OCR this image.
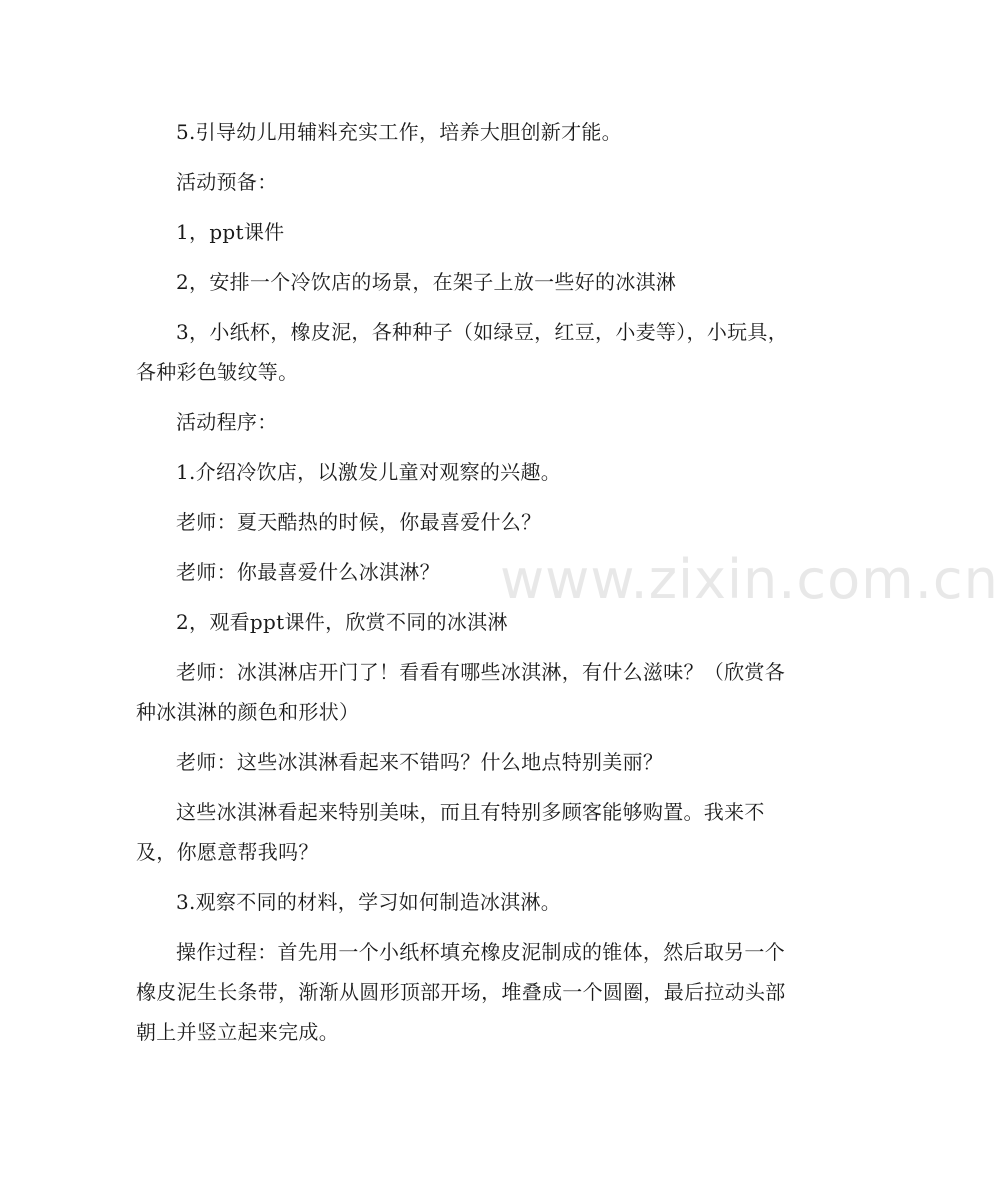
5.引导幼儿用辅料充实工作，培养大胆创新才能。

活动预备：

1，ppt课件

2，安排一个冷饮店的场景，在架子上放一些好的冰淇淋

3，小纸杯，橡皮泥，各种种子（如绿豆，红豆，小麦等），小玩具，各种彩色皱纹等。

活动程序：

1.介绍冷饮店，以激发儿童对观察的兴趣。

老师：夏天酷热的时候，你最喜爱什么？

老师：你最喜爱什么冰淇淋？

2，观看ppt课件，欣赏不同的冰淇淋

老师：冰淇淋店开门了！看看有哪些冰淇淋，有什么滋味？（欣赏各种冰淇淋的颜色和形状）

老师：这些冰淇淋看起来不错吗？什么地点特别美丽？

这些冰淇淋看起来特别美味，而且有特别多顾客能够购置。我来不及，你愿意帮我吗？

3.观察不同的材料，学习如何制造冰淇淋。

操作过程：首先用一个小纸杯填充橡皮泥制成的锥体，然后取另一个橡皮泥生长条带，渐渐从圆形顶部开场，堆叠成一个圆圈，最后拉动头部朝上并竖立起来完成。

www.zixin.com.cn
